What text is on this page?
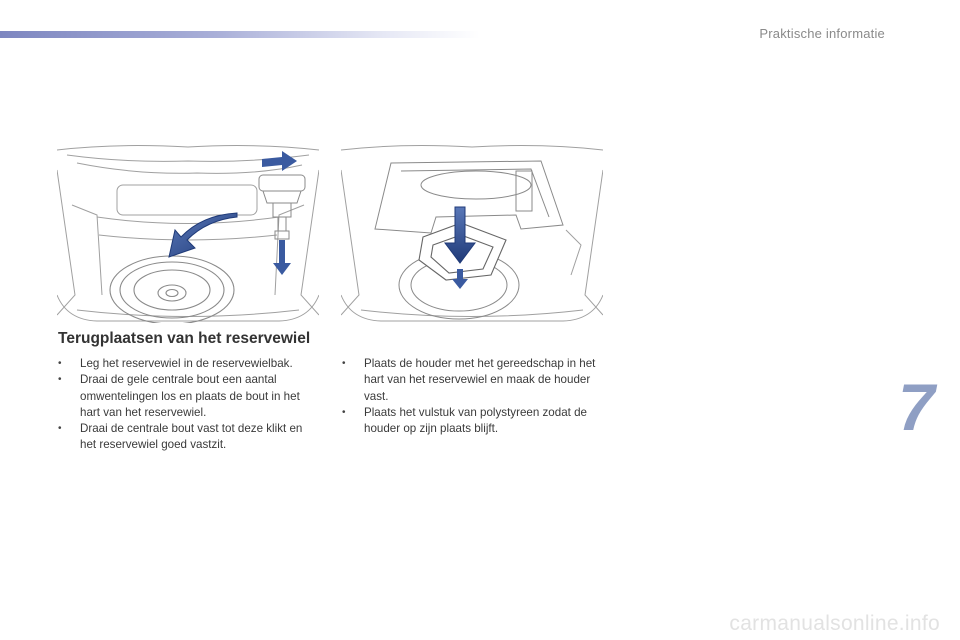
Praktische informatie
Terugplaatsen van het reservewiel
• Leg het reservewiel in de reservewielbak.
• Draai de gele centrale bout een aantal omwentelingen los en plaats de bout in het hart van het reservewiel.
• Draai de centrale bout vast tot deze klikt en het reservewiel goed vastzit.
• Plaats de houder met het gereedschap in het hart van het reservewiel en maak de houder vast.
• Plaats het vulstuk van polystyreen zodat de houder op zijn plaats blijft.	7
carmanualsonline.info
